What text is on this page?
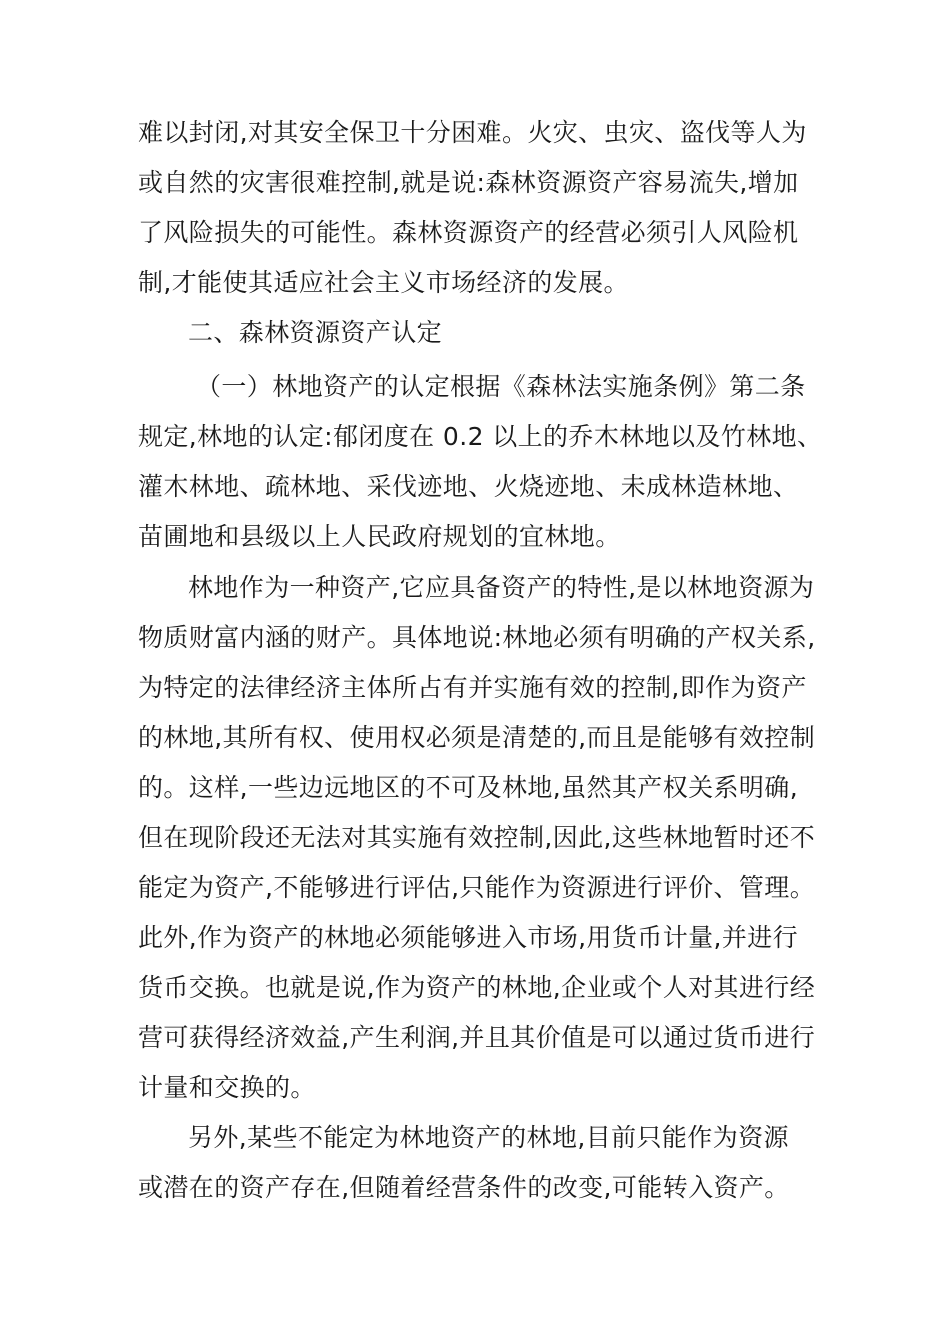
难以封闭,对其安全保卫十分困难。火灾、虫灾、盗伐等人为
或自然的灾害很难控制,就是说:森林资源资产容易流失,增加
了风险损失的可能性。森林资源资产的经营必须引人风险机
制,才能使其适应社会主义市场经济的发展。
二、森林资源资产认定
（一）林地资产的认定根据《森林法实施条例》第二条
规定,林地的认定:郁闭度在 0.2 以上的乔木林地以及竹林地、
灌木林地、疏林地、采伐迹地、火烧迹地、未成林造林地、
苗圃地和县级以上人民政府规划的宜林地。
林地作为一种资产,它应具备资产的特性,是以林地资源为
物质财富内涵的财产。具体地说:林地必须有明确的产权关系,
为特定的法律经济主体所占有并实施有效的控制,即作为资产
的林地,其所有权、使用权必须是清楚的,而且是能够有效控制
的。这样,一些边远地区的不可及林地,虽然其产权关系明确,
但在现阶段还无法对其实施有效控制,因此,这些林地暂时还不
能定为资产,不能够进行评估,只能作为资源进行评价、管理。
此外,作为资产的林地必须能够进入市场,用货币计量,并进行
货币交换。也就是说,作为资产的林地,企业或个人对其进行经
营可获得经济效益,产生利润,并且其价值是可以通过货币进行
计量和交换的。
另外,某些不能定为林地资产的林地,目前只能作为资源
或潜在的资产存在,但随着经营条件的改变,可能转入资产。
